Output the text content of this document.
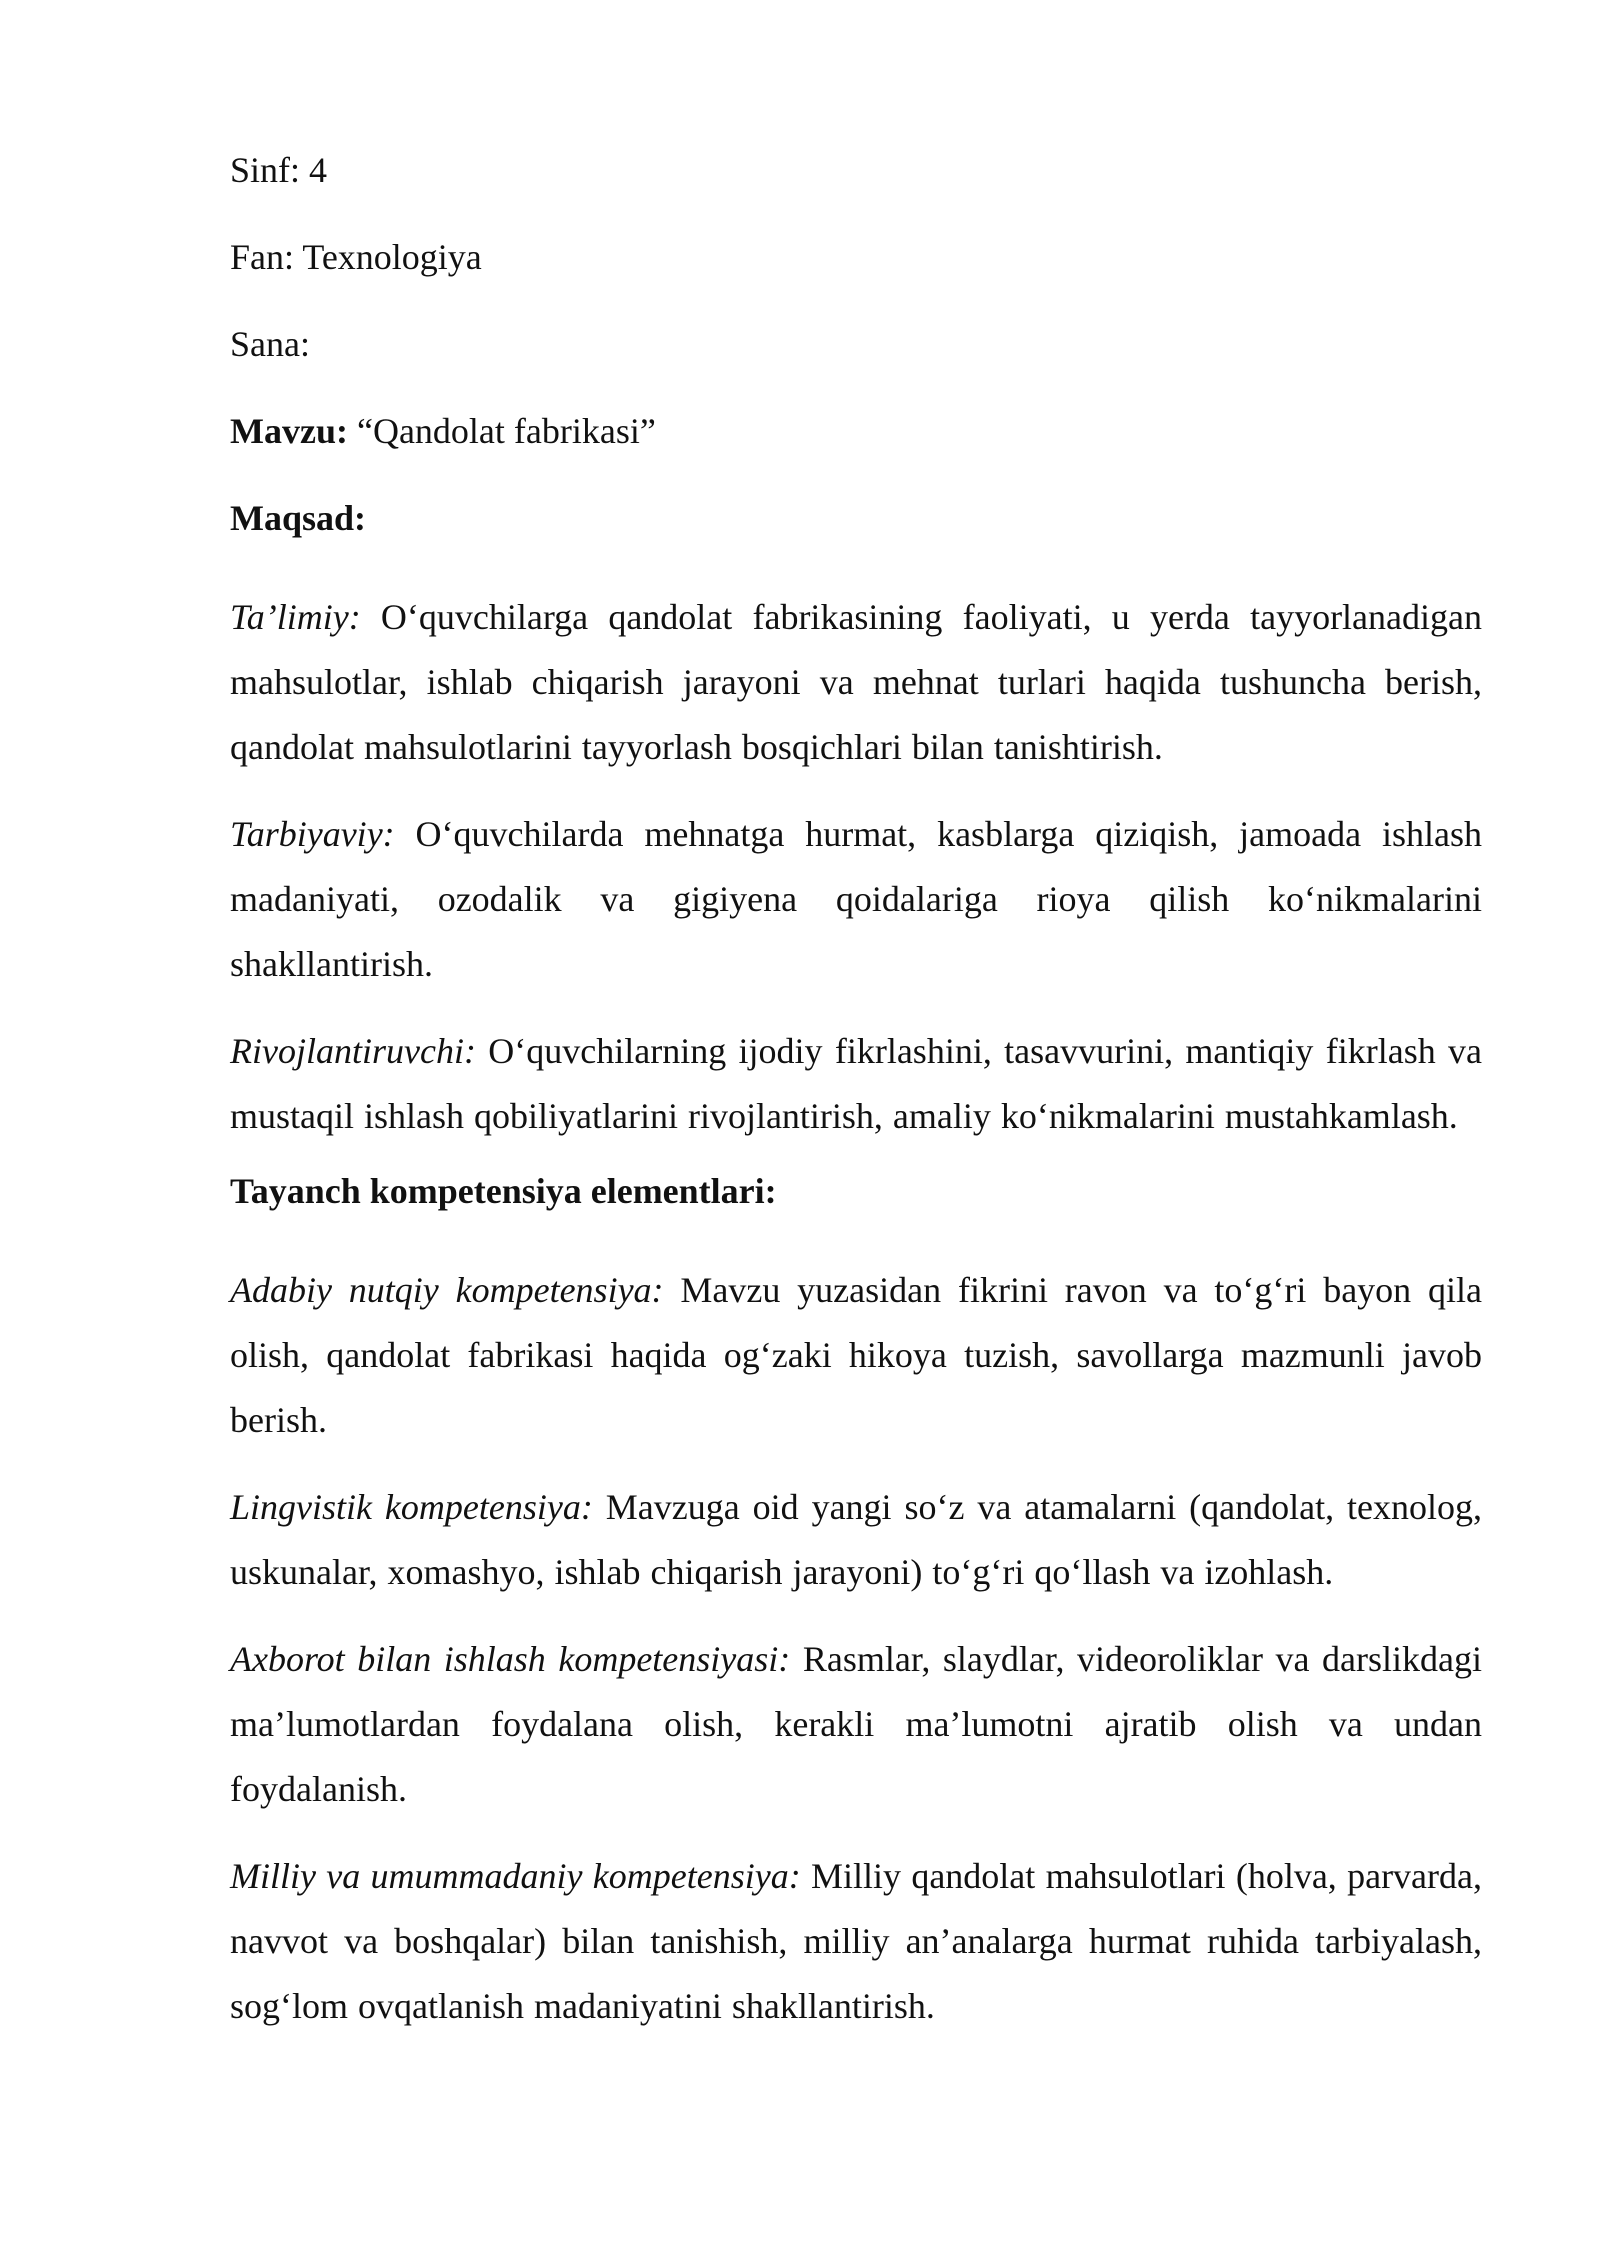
Sinf: 4
Fan: Texnologiya
Sana:
Mavzu: “Qandolat fabrikasi”
Maqsad:

Ta’limiy: O‘quvchilarga qandolat fabrikasining faoliyati, u yerda tayyorlanadigan mahsulotlar, ishlab chiqarish jarayoni va mehnat turlari haqida tushuncha berish, qandolat mahsulotlarini tayyorlash bosqichlari bilan tanishtirish.

Tarbiyaviy: O‘quvchilarda mehnatga hurmat, kasblarga qiziqish, jamoada ishlash madaniyati, ozodalik va gigiyena qoidalariga rioya qilish ko‘nikmalarini shakllantirish.

Rivojlantiruvchi: O‘quvchilarning ijodiy fikrlashini, tasavvurini, mantiqiy fikrlash va mustaqil ishlash qobiliyatlarini rivojlantirish, amaliy ko‘nikmalarini mustahkamlash.

Tayanch kompetensiya elementlari:

Adabiy nutqiy kompetensiya: Mavzu yuzasidan fikrini ravon va to‘g‘ri bayon qila olish, qandolat fabrikasi haqida og‘zaki hikoya tuzish, savollarga mazmunli javob berish.

Lingvistik kompetensiya: Mavzuga oid yangi so‘z va atamalarni (qandolat, texnolog, uskunalar, xomashyo, ishlab chiqarish jarayoni) to‘g‘ri qo‘llash va izohlash.

Axborot bilan ishlash kompetensiyasi: Rasmlar, slaydlar, videoroliklar va darslikdagi ma’lumotlardan foydalana olish, kerakli ma’lumotni ajratib olish va undan foydalanish.

Milliy va umummadaniy kompetensiya: Milliy qandolat mahsulotlari (holva, parvarda, navvot va boshqalar) bilan tanishish, milliy an’analarga hurmat ruhida tarbiyalash, sog‘lom ovqatlanish madaniyatini shakllantirish.
